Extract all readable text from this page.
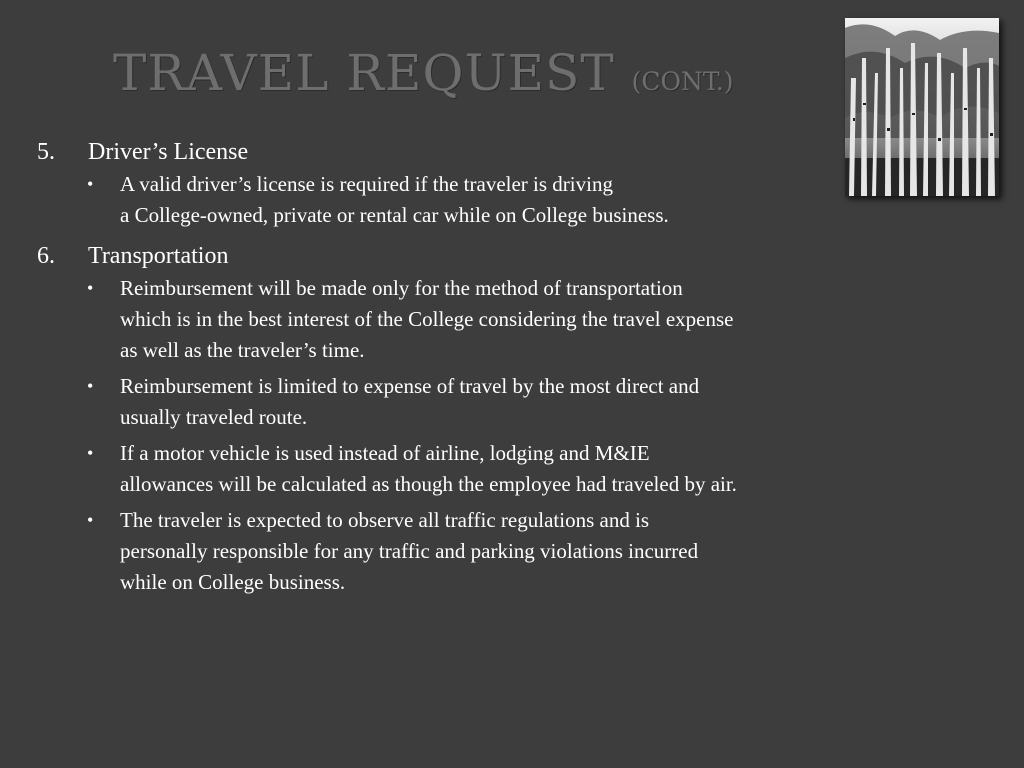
TRAVEL REQUEST (CONT.)
5. Driver’s License
• A valid driver’s license is required if the traveler is driving
a College-owned, private or rental car while on College business.
6. Transportation
• Reimbursement will be made only for the method of transportation
which is in the best interest of the College considering the travel expense
as well as the traveler’s time.
• Reimbursement is limited to expense of travel by the most direct and
usually traveled route.
• If a motor vehicle is used instead of airline, lodging and M&IE
allowances will be calculated as though the employee had traveled by air.
• The traveler is expected to observe all traffic regulations and is
personally responsible for any traffic and parking violations incurred
while on College business.
